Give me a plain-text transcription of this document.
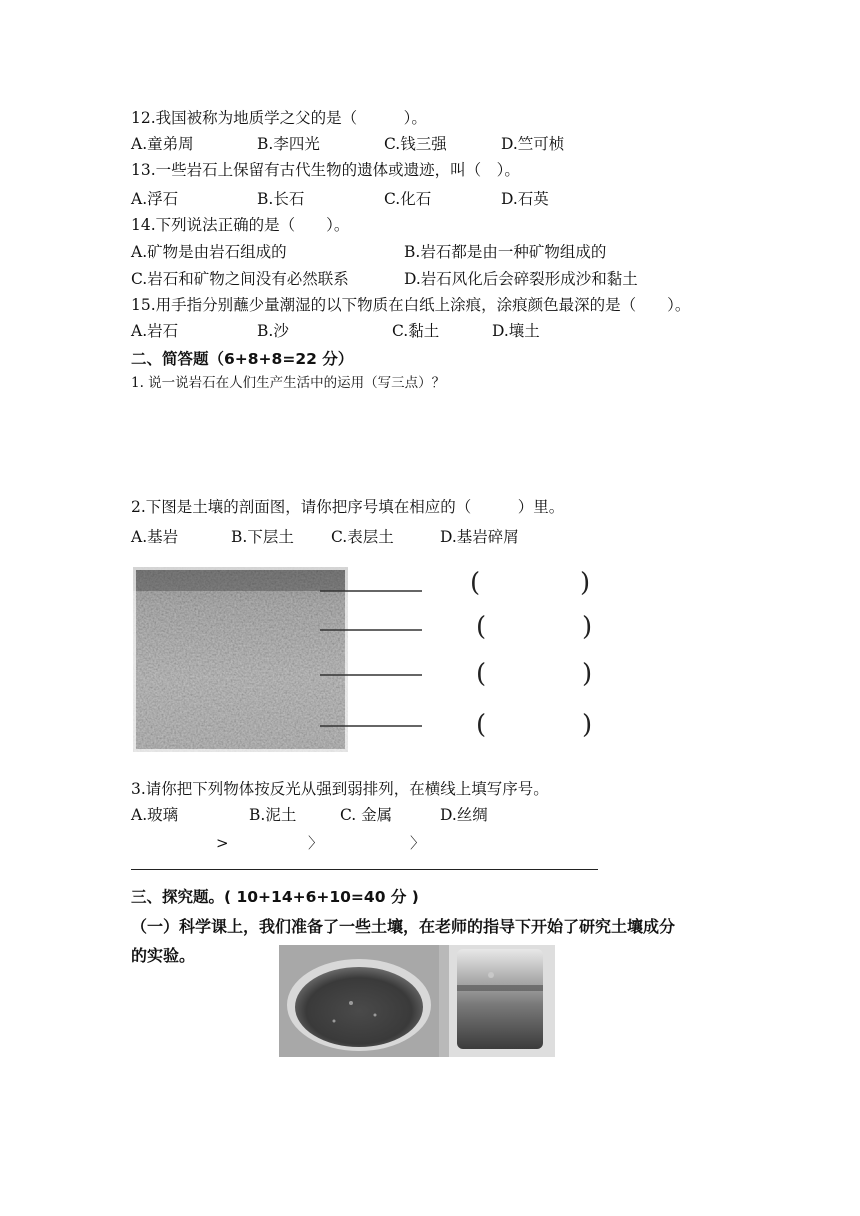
12.我国被称为地质学之父的是（　　　）。
A.童弟周	B.李四光	C.钱三强	D.竺可桢
13.一些岩石上保留有古代生物的遗体或遗迹，叫（　）。
A.浮石	B.长石	C.化石	D.石英
14.下列说法正确的是（　　）。
A.矿物是由岩石组成的	B.岩石都是由一种矿物组成的
C.岩石和矿物之间没有必然联系	D.岩石风化后会碎裂形成沙和黏土
15.用手指分别蘸少量潮湿的以下物质在白纸上涂痕，涂痕颜色最深的是（　　）。
A.岩石	B.沙	C.黏土	D.壤土
二、简答题（6+8+8=22 分）
1. 说一说岩石在人们生产生活中的运用（写三点）？
2.下图是土壤的剖面图，请你把序号填在相应的（　　　）里。
A.基岩	B.下层土 C.表层土	D.基岩碎屑
(	)
(	)
(	)
(	)
3.请你把下列物体按反光从强到弱排列，在横线上填写序号。
A.玻璃	B.泥土	C. 金属	D.丝绸
>	〉	〉
三、探究题。( 10+14+6+10=40 分 )
（一）科学课上，我们准备了一些土壤，在老师的指导下开始了研究土壤成分
的实验。
